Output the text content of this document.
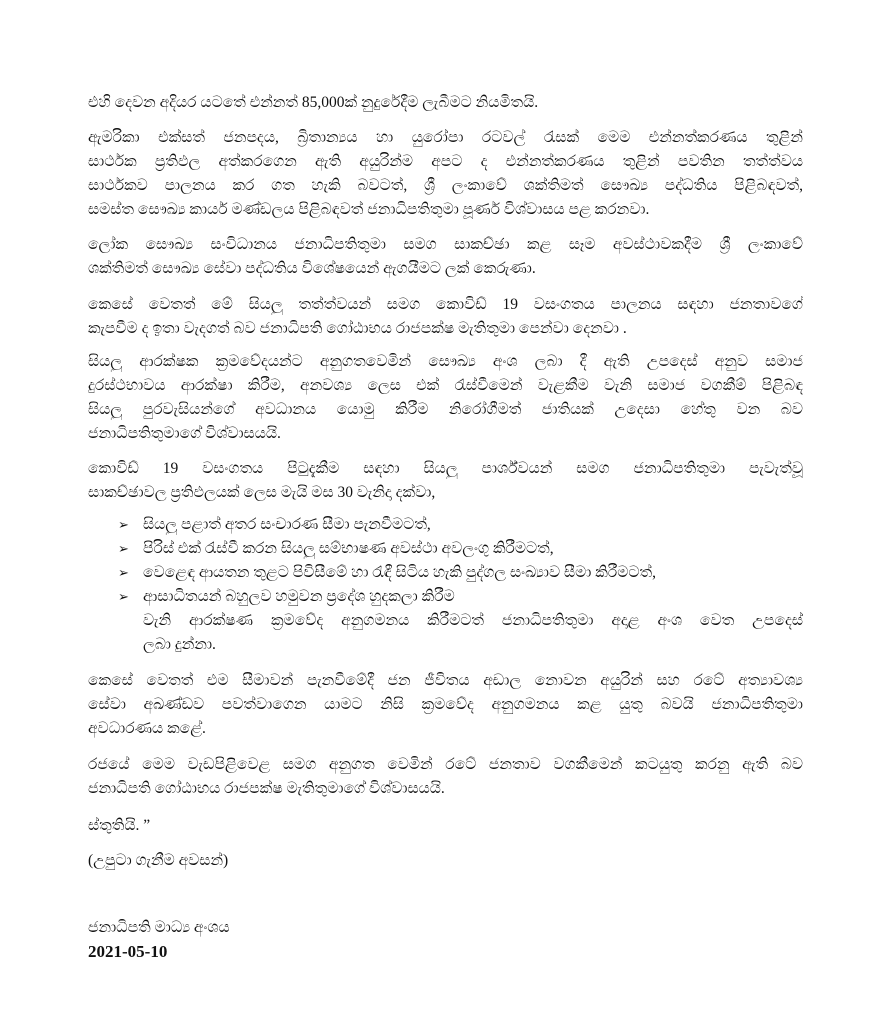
එහි දෙවන අදියර යටතේ එන්නත් 85,000ක් නුදුරේදීම ලැබීමට නියමිතයි.
ඇමරිකා එක්සත් ජනපදය, බ්‍රිතාන්‍යය හා යුරෝපා රටවල් රැසක් මෙම එන්නත්කරණය තුළින්
සාර්ථක ප්‍රතිඵල අත්කරගෙන ඇති අයුරින්ම අපට ද එන්නත්කරණය තුළින් පවතින තත්ත්වය
සාර්ථකව පාලනය කර ගත හැකි බවටත්, ශ්‍රී ලංකාවේ ශක්තිමත් සෞඛ්‍ය පද්ධතිය පිළිබඳවත්,
සමස්ත සෞඛ්‍ය කාර්ය මණ්ඩලය පිළිබඳවත් ජනාධිපතිතුමා පූර්ණ විශ්වාසය පළ කරනවා.
ලෝක සෞඛ්‍ය සංවිධානය ජනාධිපතිතුමා සමග සාකච්ඡා කළ සෑම අවස්ථාවකදීම ශ්‍රී ලංකාවේ
ශක්තිමත් සෞඛ්‍ය සේවා පද්ධතිය විශේෂයෙන් ඇගයීමට ලක් කෙරුණා.
කෙසේ වෙතත් මේ සියලු තත්ත්වයන් සමග කොවිඩ් 19 වසංගතය පාලනය සඳහා ජනතාවගේ
කැපවීම ද ඉතා වැදගත් බව ජනාධිපති ගෝඨාභය රාජපක්ෂ මැතිතුමා පෙන්වා දෙනවා .
සියලු ආරක්ෂක ක්‍රමවේදයන්ට අනුගතවෙමින් සෞඛ්‍ය අංශ ලබා දී ඇති උපදෙස් අනුව සමාජ
දුරස්ථභාවය ආරක්ෂා කිරීම, අනවශ්‍ය ලෙස එක් රැස්වීමෙන් වැළකීම වැනි සමාජ වගකීම් පිළිබඳ
සියලු පුරවැසියන්ගේ අවධානය යොමු කිරීම නිරෝගීමත් ජාතියක් උදෙසා හේතු වන බව
ජනාධිපතිතුමාගේ විශ්වාසයයි.
කොවිඩ් 19 වසංගතය පිටුදැකීම සඳහා සියලු පාර්ශ්වයන් සමග ජනාධිපතිතුමා පැවැත්වූ
සාකච්ඡාවල ප්‍රතිඵලයක් ලෙස මැයි මස 30 වැනිදා දක්වා,
➢ සියලු පළාත් අතර සංචාරණ සීමා පැනවීමටත්,
➢ පිරිස් එක් රැස්වී කරන සියලු සම්භාෂණ අවස්ථා අවලංගු කිරීමටත්,
➢ වෙළෙඳ ආයතන තුළට පිවිසීමේ හා රැඳී සිටිය හැකි පුද්ගල සංඛ්‍යාව සීමා කිරීමටත්,
➢ ආසාධිතයන් බහුලව හමුවන ප්‍රදේශ හුදකලා කිරීම
වැනි ආරක්ෂණ ක්‍රමවේද අනුගමනය කිරීමටත් ජනාධිපතිතුමා අදාළ අංශ වෙත උපදෙස්
ලබා දුන්නා.
කෙසේ වෙතත් එම සීමාවන් පැනවීමේදී ජන ජීවිතය අඩාල නොවන අයුරින් සහ රටේ අත්‍යාවශ්‍ය
සේවා අඛණ්ඩව පවත්වාගෙන යාමට නිසි ක්‍රමවේද අනුගමනය කළ යුතු බවයි ජනාධිපතිතුමා
අවධාරණය කළේ.
රජයේ මෙම වැඩපිළිවෙළ සමග අනුගත වෙමින් රටේ ජනතාව වගකීමෙන් කටයුතු කරනු ඇති බව
ජනාධිපති ගෝඨාභය රාජපක්ෂ මැතිතුමාගේ විශ්වාසයයි.
ස්තුතියි. ”
(උපුටා ගැනීම අවසන්)
ජනාධිපති මාධ්‍ය අංශය
2021-05-10
